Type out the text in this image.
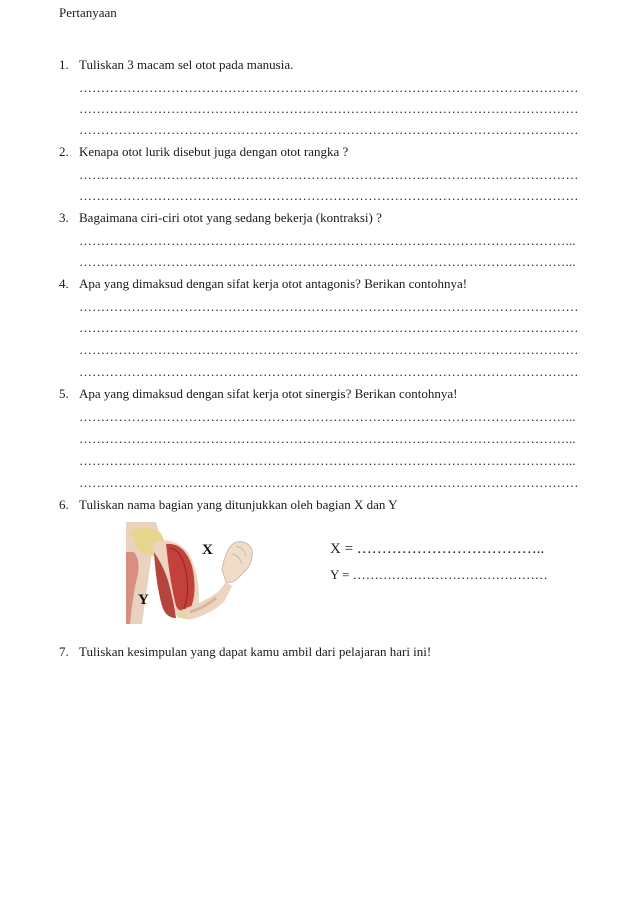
Pertanyaan
1. Tuliskan 3 macam sel otot pada manusia.
……………………………………………………………………………………………………
……………………………………………………………………………………………………
……………………………………………………………………………………………………
2. Kenapa otot lurik disebut juga dengan otot rangka ?
……………………………………………………………………………………………………
……………………………………………………………………………………………………
3. Bagaimana ciri-ciri otot yang sedang bekerja (kontraksi) ?
…………………………………………………………………………………………………...
…………………………………………………………………………………………………...
4. Apa yang dimaksud dengan sifat kerja otot antagonis? Berikan contohnya!
……………………………………………………………………………………………………
……………………………………………………………………………………………………
……………………………………………………………………………………………………
……………………………………………………………………………………………………
5. Apa yang dimaksud dengan sifat kerja otot sinergis? Berikan contohnya!
…………………………………………………………………………………………………...
…………………………………………………………………………………………………...
…………………………………………………………………………………………………...
……………………………………………………………………………………………………
6. Tuliskan nama bagian yang ditunjukkan oleh bagian X dan Y
X
Y
X = ………………………………..
Y = ………………………………………
7. Tuliskan kesimpulan yang dapat kamu ambil dari pelajaran hari ini!
